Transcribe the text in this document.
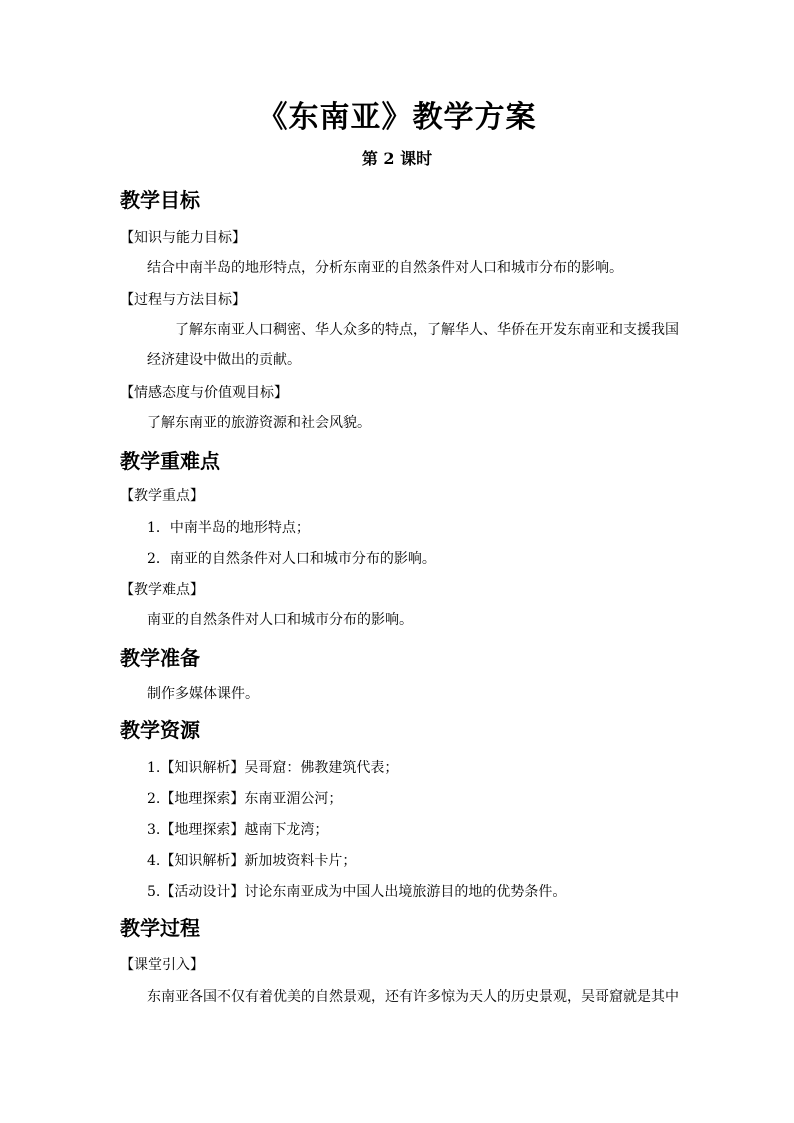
《东南亚》教学方案
第 2 课时
教学目标
【知识与能力目标】
结合中南半岛的地形特点，分析东南亚的自然条件对人口和城市分布的影响。
【过程与方法目标】
了解东南亚人口稠密、华人众多的特点，了解华人、华侨在开发东南亚和支援我国
经济建设中做出的贡献。
【情感态度与价值观目标】
了解东南亚的旅游资源和社会风貌。
教学重难点
【教学重点】
1．中南半岛的地形特点；
2．南亚的自然条件对人口和城市分布的影响。
【教学难点】
南亚的自然条件对人口和城市分布的影响。
教学准备
制作多媒体课件。
教学资源
1.【知识解析】吴哥窟：佛教建筑代表；
2.【地理探索】东南亚湄公河；
3.【地理探索】越南下龙湾；
4.【知识解析】新加坡资料卡片；
5.【活动设计】讨论东南亚成为中国人出境旅游目的地的优势条件。
教学过程
【课堂引入】
东南亚各国不仅有着优美的自然景观，还有许多惊为天人的历史景观，吴哥窟就是其中
